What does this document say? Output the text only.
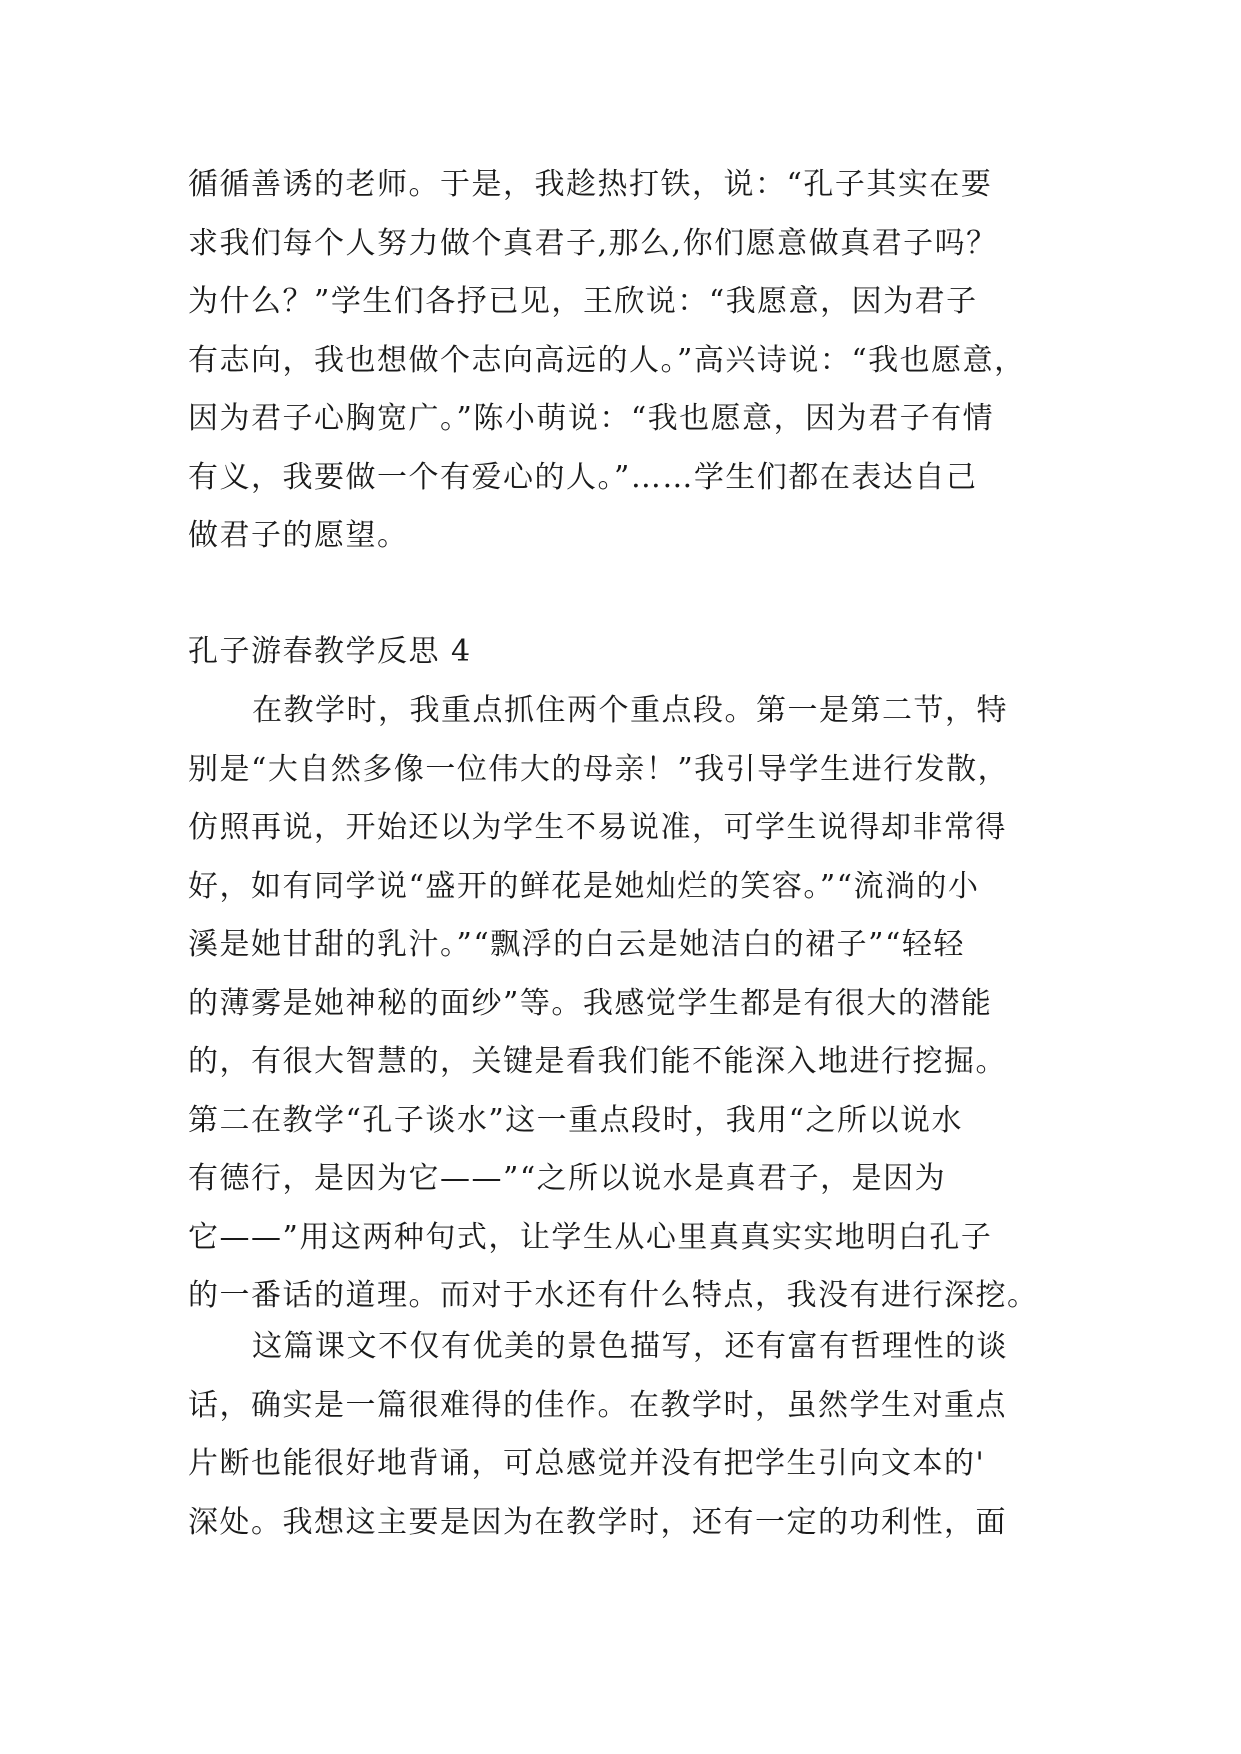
循循善诱的老师。于是，我趁热打铁，说：“孔子其实在要
求我们每个人努力做个真君子,那么,你们愿意做真君子吗？
为什么？”学生们各抒已见，王欣说：“我愿意，因为君子
有志向，我也想做个志向高远的人。”高兴诗说：“我也愿意，
因为君子心胸宽广。”陈小萌说：“我也愿意，因为君子有情
有义，我要做一个有爱心的人。”……学生们都在表达自己
做君子的愿望。
孔子游春教学反思 4
在教学时，我重点抓住两个重点段。第一是第二节，特
别是“大自然多像一位伟大的母亲！”我引导学生进行发散，
仿照再说，开始还以为学生不易说准，可学生说得却非常得
好，如有同学说“盛开的鲜花是她灿烂的笑容。”“流淌的小
溪是她甘甜的乳汁。”“飘浮的白云是她洁白的裙子”“轻轻
的薄雾是她神秘的面纱”等。我感觉学生都是有很大的潜能
的，有很大智慧的，关键是看我们能不能深入地进行挖掘。
第二在教学“孔子谈水”这一重点段时，我用“之所以说水
有德行，是因为它——”“之所以说水是真君子，是因为
它——”用这两种句式，让学生从心里真真实实地明白孔子
的一番话的道理。而对于水还有什么特点，我没有进行深挖。
这篇课文不仅有优美的景色描写，还有富有哲理性的谈
话，确实是一篇很难得的佳作。在教学时，虽然学生对重点
片断也能很好地背诵，可总感觉并没有把学生引向文本的'
深处。我想这主要是因为在教学时，还有一定的功利性，面
